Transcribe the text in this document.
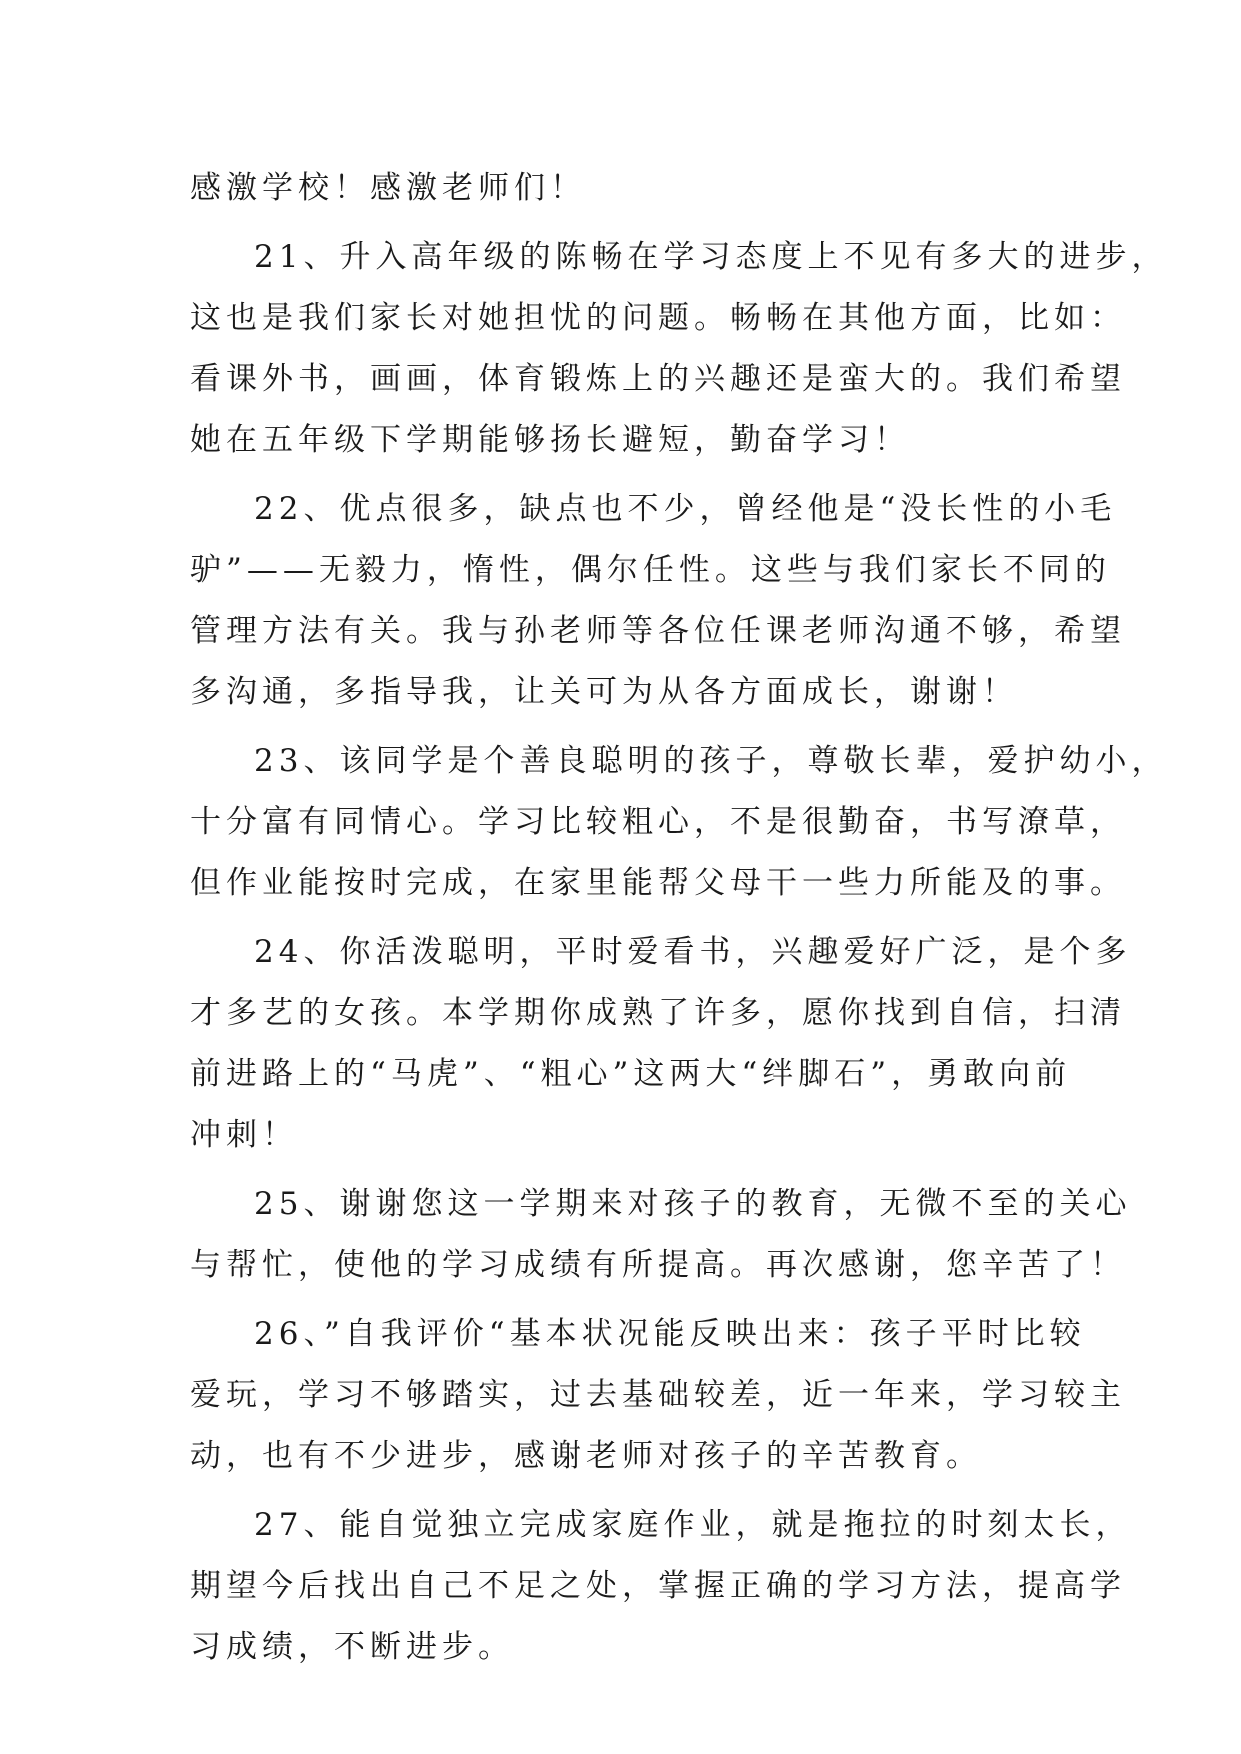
感激学校！感激老师们！
21、升入高年级的陈畅在学习态度上不见有多大的进步，
这也是我们家长对她担忧的问题。畅畅在其他方面，比如：
看课外书，画画，体育锻炼上的兴趣还是蛮大的。我们希望
她在五年级下学期能够扬长避短，勤奋学习！
22、优点很多，缺点也不少，曾经他是“没长性的小毛
驴”——无毅力，惰性，偶尔任性。这些与我们家长不同的
管理方法有关。我与孙老师等各位任课老师沟通不够，希望
多沟通，多指导我，让关可为从各方面成长，谢谢！
23、该同学是个善良聪明的孩子，尊敬长辈，爱护幼小，
十分富有同情心。学习比较粗心，不是很勤奋，书写潦草，
但作业能按时完成，在家里能帮父母干一些力所能及的事。
24、你活泼聪明，平时爱看书，兴趣爱好广泛，是个多
才多艺的女孩。本学期你成熟了许多，愿你找到自信，扫清
前进路上的“马虎”、“粗心”这两大“绊脚石”，勇敢向前
冲刺！
25、谢谢您这一学期来对孩子的教育，无微不至的关心
与帮忙，使他的学习成绩有所提高。再次感谢，您辛苦了！
26、”自我评价“基本状况能反映出来：孩子平时比较
爱玩，学习不够踏实，过去基础较差，近一年来，学习较主
动，也有不少进步，感谢老师对孩子的辛苦教育。
27、能自觉独立完成家庭作业，就是拖拉的时刻太长，
期望今后找出自己不足之处，掌握正确的学习方法，提高学
习成绩，不断进步。
